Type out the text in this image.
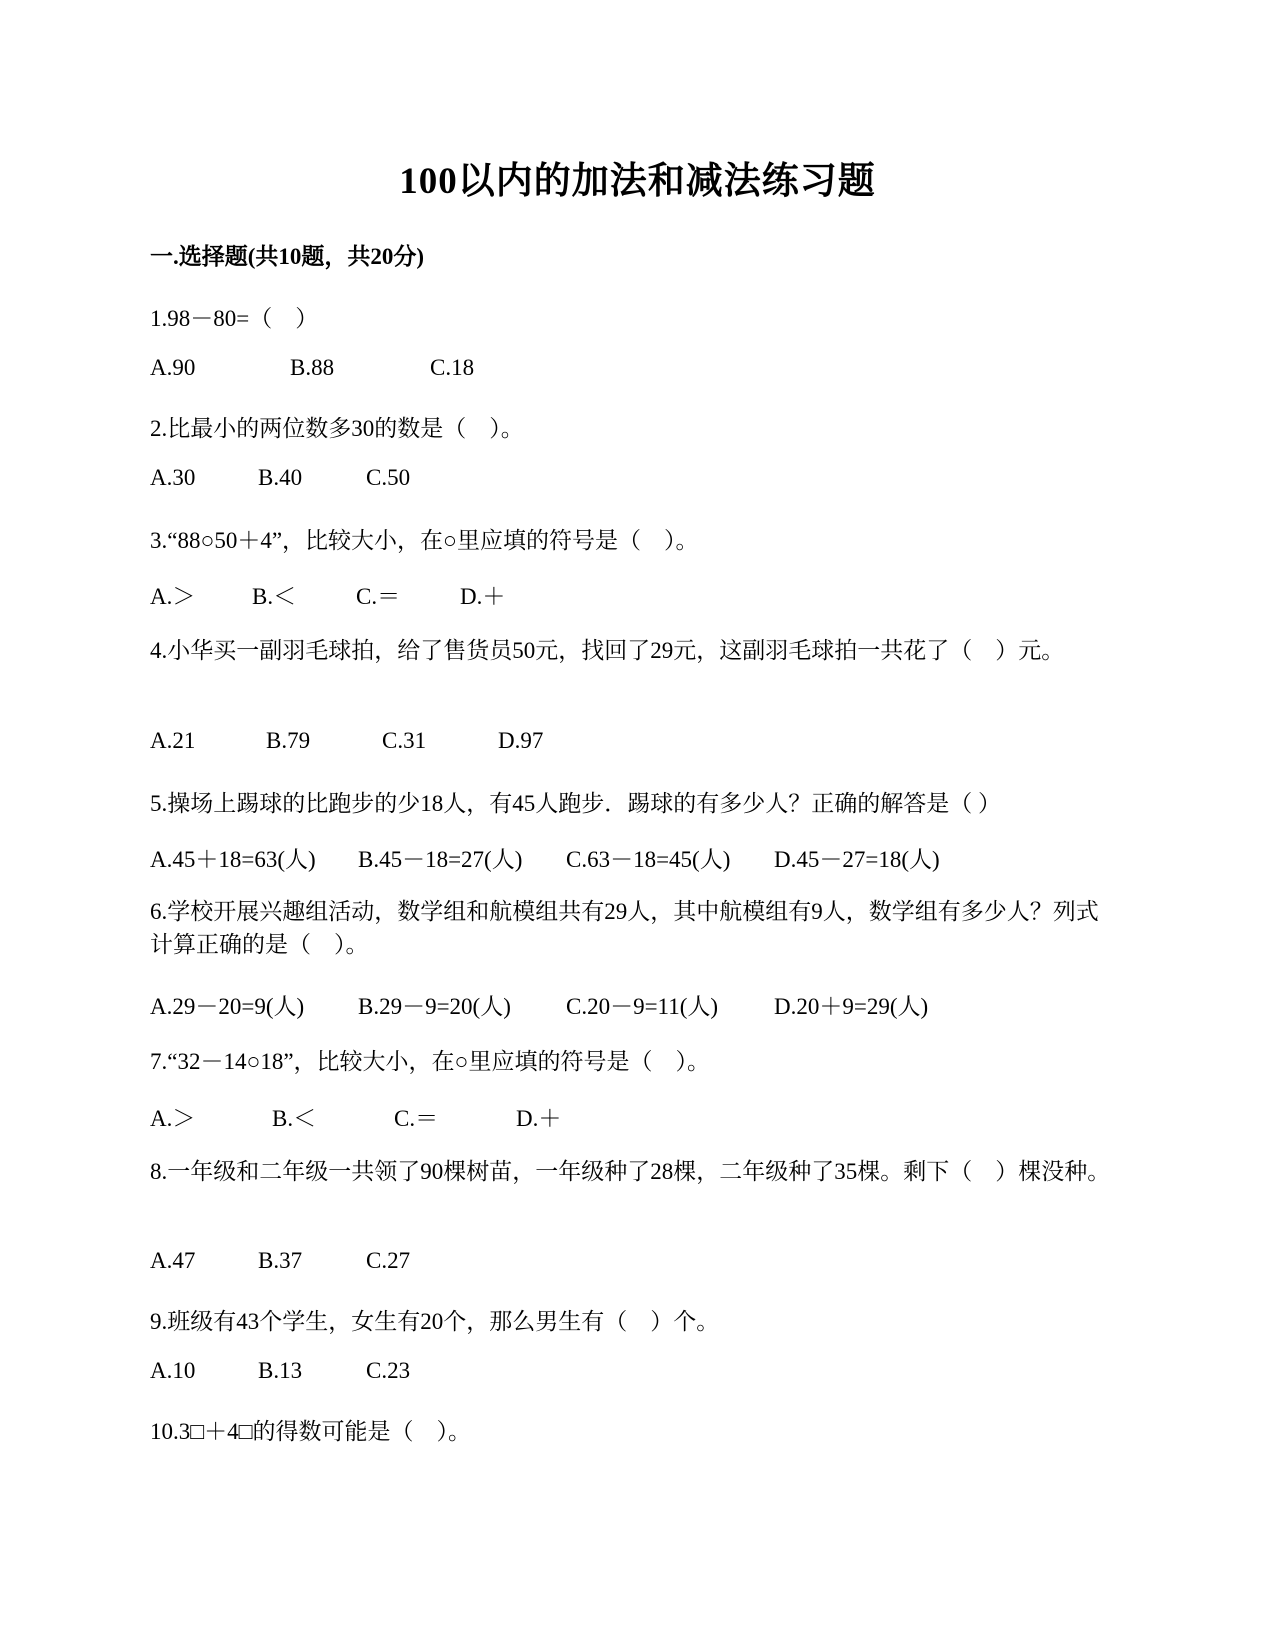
100以内的加法和减法练习题
一.选择题(共10题，共20分)
1.98－80=（　）
A.90	B.88	C.18
2.比最小的两位数多30的数是（　）。
A.30	B.40	C.50
3.“88○50＋4”，比较大小，在○里应填的符号是（　）。
A.＞ B.＜	C.＝	D.＋
4.小华买一副羽毛球拍，给了售货员50元，找回了29元，这副羽毛球拍一共花了（　）元。
A.21	B.79	C.31	D.97
5.操场上踢球的比跑步的少18人，有45人跑步．踢球的有多少人？正确的解答是（ ）
A.45＋18=63(人) B.45－18=27(人) C.63－18=45(人) D.45－27=18(人)
6.学校开展兴趣组活动，数学组和航模组共有29人，其中航模组有9人，数学组有多少人？列式计算正确的是（　）。
A.29－20=9(人) B.29－9=20(人) C.20－9=11(人) D.20＋9=29(人)
7.“32－14○18”，比较大小，在○里应填的符号是（　）。
A.＞	B.＜	C.＝	D.＋
8.一年级和二年级一共领了90棵树苗，一年级种了28棵，二年级种了35棵。剩下（　）棵没种。
A.47	B.37	C.27
9.班级有43个学生，女生有20个，那么男生有（　）个。
A.10	B.13	C.23
10.3□＋4□的得数可能是（　）。
